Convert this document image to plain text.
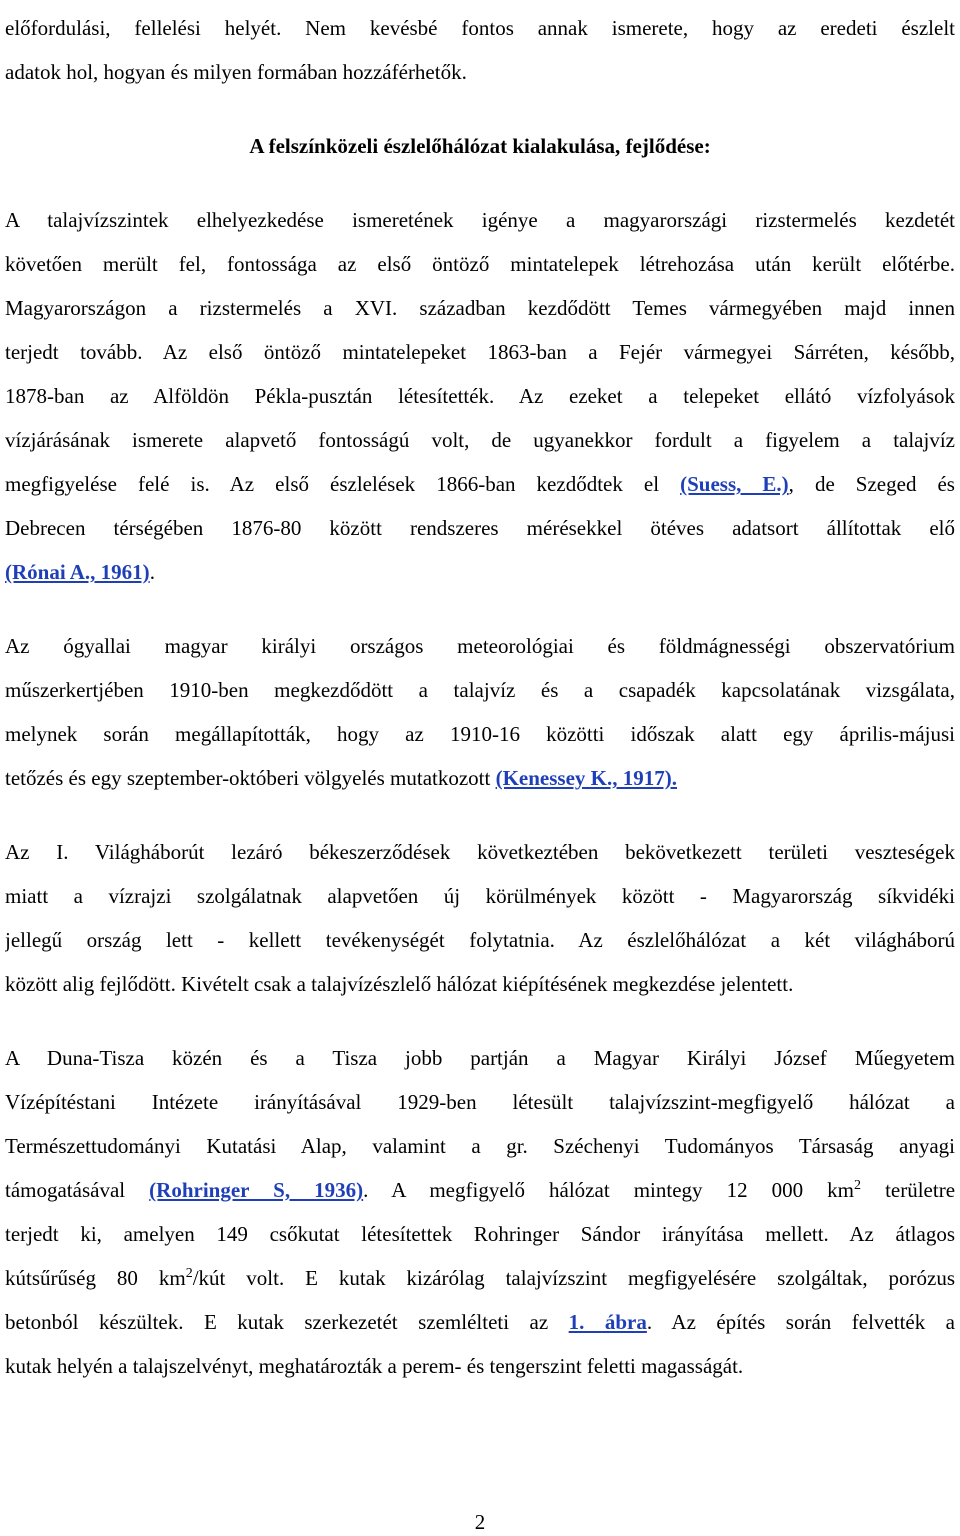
előfordulási, fellelési helyét. Nem kevésbé fontos annak ismerete, hogy az eredeti észlelt

adatok hol, hogyan és milyen formában hozzáférhetők.

A felszínközeli észlelőhálózat kialakulása, fejlődése:

A talajvízszintek elhelyezkedése ismeretének igénye a magyarországi rizstermelés kezdetét

követően merült fel, fontossága az első öntöző mintatelepek létrehozása után került előtérbe.

Magyarországon a rizstermelés a XVI. században kezdődött Temes vármegyében majd innen

terjedt tovább. Az első öntöző mintatelepeket 1863-ban a Fejér vármegyei Sárréten, később,

1878-ban az Alföldön Pékla-pusztán létesítették. Az ezeket a telepeket ellátó vízfolyások

vízjárásának ismerete alapvető fontosságú volt, de ugyanekkor fordult a figyelem a talajvíz

megfigyelése felé is. Az első észlelések 1866-ban kezdődtek el (Suess, E.), de Szeged és

Debrecen térségében 1876-80 között rendszeres mérésekkel ötéves adatsort állítottak elő

(Rónai A., 1961).

Az ógyallai magyar királyi országos meteorológiai és földmágnességi obszervatórium

műszerkertjében 1910-ben megkezdődött a talajvíz és a csapadék kapcsolatának vizsgálata,

melynek során megállapították, hogy az 1910-16 közötti időszak alatt egy április-májusi

tetőzés és egy szeptember-októberi völgyelés mutatkozott (Kenessey K., 1917).

Az I. Világháborút lezáró békeszerződések következtében bekövetkezett területi veszteségek

miatt a vízrajzi szolgálatnak alapvetően új körülmények között - Magyarország síkvidéki

jellegű ország lett - kellett tevékenységét folytatnia. Az észlelőhálózat a két világháború

között alig fejlődött. Kivételt csak a talajvízészlelő hálózat kiépítésének megkezdése jelentett.

A Duna-Tisza közén és a Tisza jobb partján a Magyar Királyi József Műegyetem

Vízépítéstani Intézete irányításával 1929-ben létesült talajvízszint-megfigyelő hálózat a

Természettudományi Kutatási Alap, valamint a gr. Széchenyi Tudományos Társaság anyagi

támogatásával (Rohringer S, 1936). A megfigyelő hálózat mintegy 12 000 $km^2$ területre

terjedt ki, amelyen 149 csőkutat létesítettek Rohringer Sándor irányítása mellett. Az átlagos

kútsűrűség 80 $km^2$/kút volt. E kutak kizárólag talajvízszint megfigyelésére szolgáltak, porózus

betonból készültek. E kutak szerkezetét szemlélteti az 1. ábra. Az építés során felvették a

kutak helyén a talajszelvényt, meghatározták a perem- és tengerszint feletti magasságát.

2
